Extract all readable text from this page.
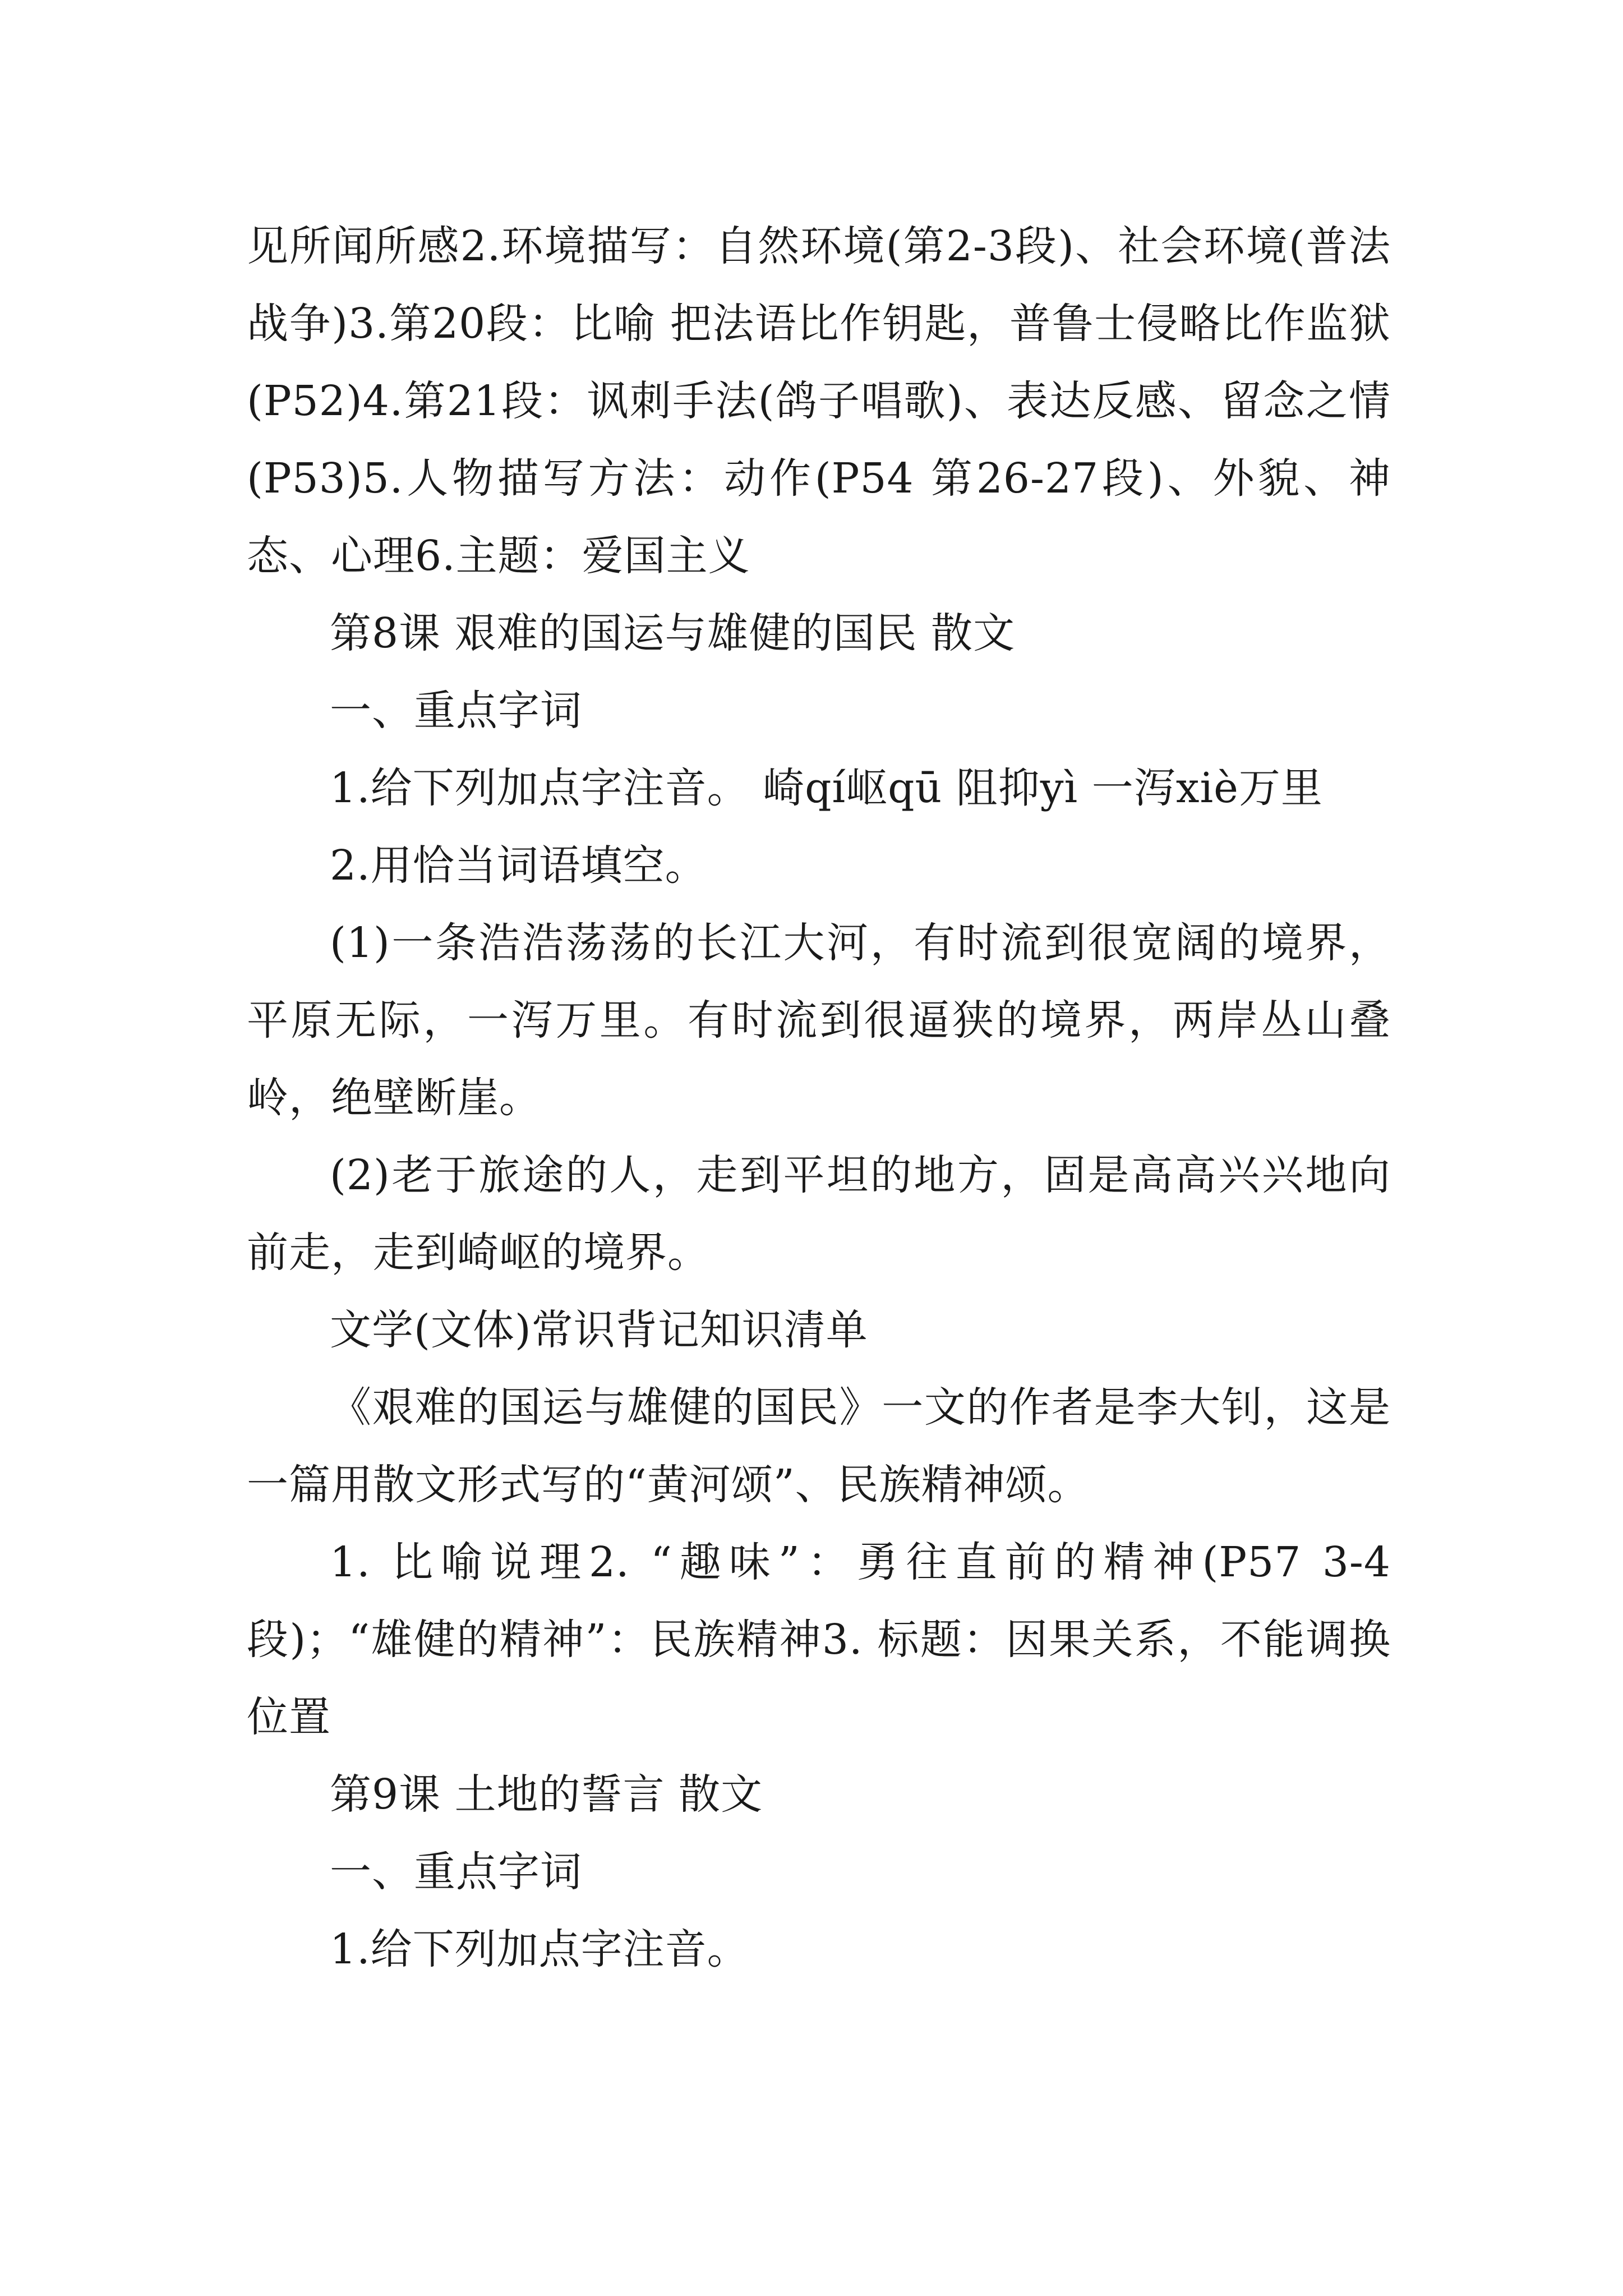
见所闻所感2.环境描写：自然环境(第2-3段)、社会环境(普法战争)3.第20段：比喻 把法语比作钥匙，普鲁士侵略比作监狱(P52)4.第21段：讽刺手法(鸽子唱歌)、表达反感、留念之情(P53)5.人物描写方法：动作(P54 第26-27段)、外貌、神态、心理6.主题：爱国主义

第8课 艰难的国运与雄健的国民 散文

一、重点字词

1.给下列加点字注音。 崎qí岖qū 阻抑yì 一泻xiè万里

2.用恰当词语填空。

(1)一条浩浩荡荡的长江大河，有时流到很宽阔的境界，平原无际，一泻万里。有时流到很逼狭的境界，两岸丛山叠岭，绝壁断崖。

(2)老于旅途的人，走到平坦的地方，固是高高兴兴地向前走，走到崎岖的境界。

文学(文体)常识背记知识清单

《艰难的国运与雄健的国民》一文的作者是李大钊，这是一篇用散文形式写的“黄河颂”、民族精神颂。

1. 比喻说理2. “趣味”：勇往直前的精神(P57 3-4段)；“雄健的精神”：民族精神3. 标题：因果关系，不能调换位置

第9课 土地的誓言 散文

一、重点字词

1.给下列加点字注音。
